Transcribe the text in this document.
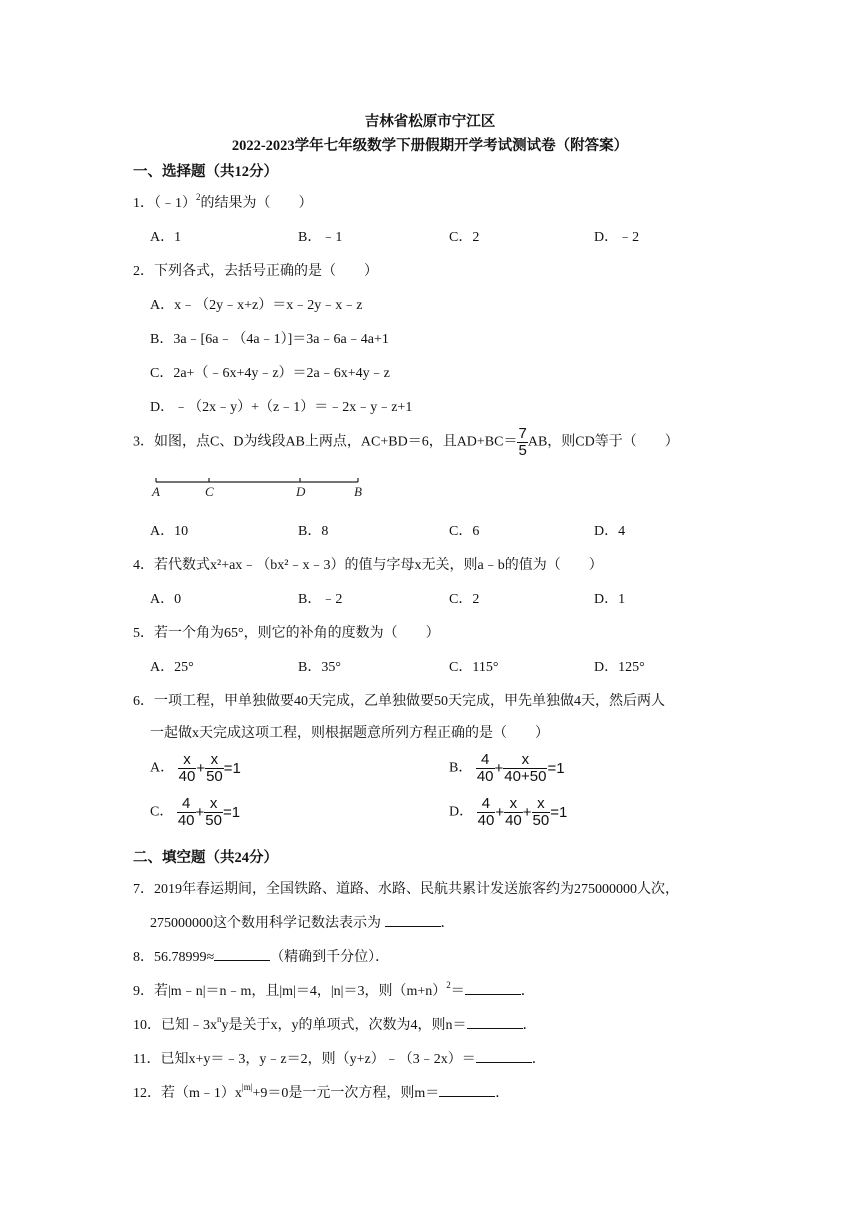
吉林省松原市宁江区
2022-2023学年七年级数学下册假期开学考试测试卷（附答案）
一、选择题（共12分）
1．（﹣1）$^2$的结果为（　　）
A．1	B．﹣1	C．2	D．﹣2
2．下列各式，去括号正确的是（　　）
A．x﹣（2y﹣x+z）＝x﹣2y﹣x﹣z
B．3a﹣[6a﹣（4a﹣1）]＝3a﹣6a﹣4a+1
C．2a+（﹣6x+4y﹣z）＝2a﹣6x+4y﹣z
D．﹣（2x﹣y）+（z﹣1）＝﹣2x﹣y﹣z+1
3．如图，点C、D为线段AB上两点，AC+BD＝6，且$AD+BC= \frac{7}{5}$ AB，则CD等于（　　）
A	C	D	B
A．10	B．8	C．6	D．4
4．若代数式x²+ax﹣（bx²﹣x﹣3）的值与字母x无关，则a﹣b的值为（　　）
A．0	B．﹣2	C．2	D．1
5．若一个角为65°，则它的补角的度数为（　　）
A．25°	B．35°	C．115°	D．125°
6．一项工程，甲单独做要40天完成，乙单独做要50天完成，甲先单独做4天，然后两人
一起做x天完成这项工程，则根据题意所列方程正确的是（　　）
A． $\frac{x}{40} + \frac{x}{50} =1$	B． $\frac{4}{40} + \frac{x}{40+50} =1$
C． $\frac{4}{40} + \frac{x}{50} =1$	D． $\frac{4}{40} + \frac{x}{40} + \frac{x}{50} =1$
二、填空题（共24分）
7．2019年春运期间，全国铁路、道路、水路、民航共累计发送旅客约为275000000人次，
275000000这个数用科学记数法表示为	．
8．56.78999≈	（精确到千分位）．
9．若|m﹣n|＝n﹣m，且|m|＝4，|n|＝3，则$(m+n)^2=$	．
10．已知$﹣3x^ny$是关于x，y的单项式，次数为4，则n＝	．
11．已知x+y＝﹣3，y﹣z＝2，则（y+z）﹣（3﹣2x）＝	．
12．若$(m﹣1)x^{|m|}+9=0$是一元一次方程，则m＝	．
